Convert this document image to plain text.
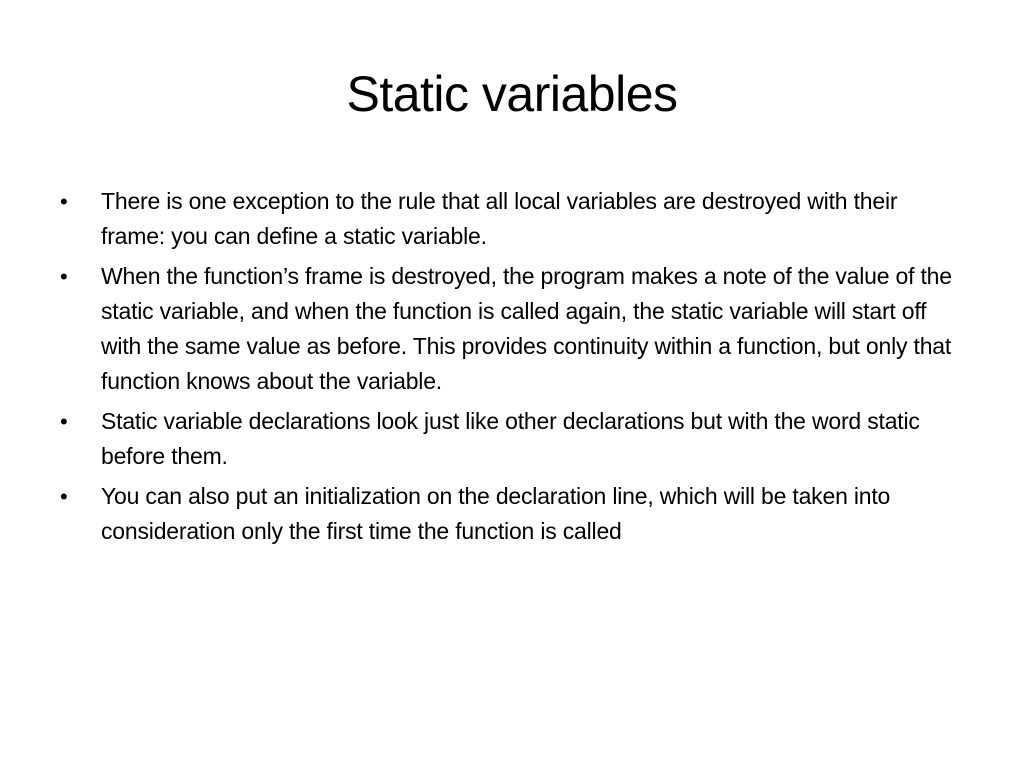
Static variables
•	There is one exception to the rule that all local variables are destroyed with their frame: you can define a static variable.
•	When the function’s frame is destroyed, the program makes a note of the value of the static variable, and when the function is called again, the static variable will start off with the same value as before. This provides continuity within a function, but only that function knows about the variable.
•	Static variable declarations look just like other declarations but with the word static before them.
•	You can also put an initialization on the declaration line, which will be taken into consideration only the first time the function is called
